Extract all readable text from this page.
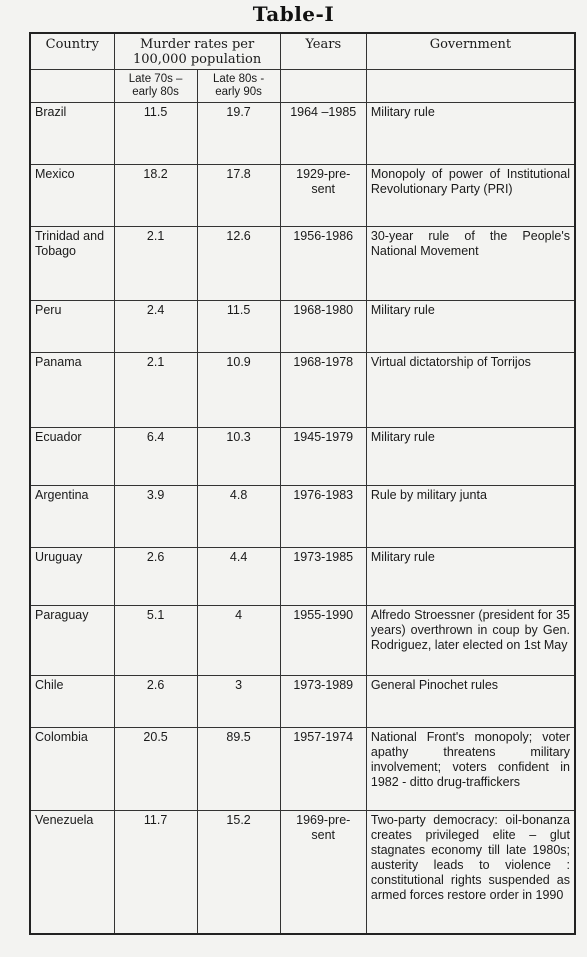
Table-I
Country	Murder rates per 100,000 population		Years	Government
	Late 70s –early 80s	Late 80s - early 90s		
Brazil	11.5	19.7	1964 –1985	Military rule
Mexico	18.2	17.8	1929-pre-sent	Monopoly of power of Institutional Revolutionary Party (PRI)
Trinidad and Tobago	2.1	12.6	1956-1986	30-year rule of the People's National Movement
Peru	2.4	11.5	1968-1980	Military rule
Panama	2.1	10.9	1968-1978	Virtual dictatorship of Torrijos
Ecuador	6.4	10.3	1945-1979	Military rule
Argentina	3.9	4.8	1976-1983	Rule by military junta
Uruguay	2.6	4.4	1973-1985	Military rule
Paraguay	5.1	4	1955-1990	Alfredo Stroessner (president for 35 years) overthrown in coup by Gen. Rodriguez, later elected on 1st May
Chile	2.6	3	1973-1989	General Pinochet rules
Colombia	20.5	89.5	1957-1974	National Front's monopoly; voter apathy threatens military involvement; voters confident in 1982 - ditto drug-traffickers
Venezuela	11.7	15.2	1969-pre-sent	Two-party democracy: oil-bonanza creates privileged elite – glut stagnates economy till late 1980s; austerity leads to violence : constitutional rights suspended as armed forces restore order in 1990
